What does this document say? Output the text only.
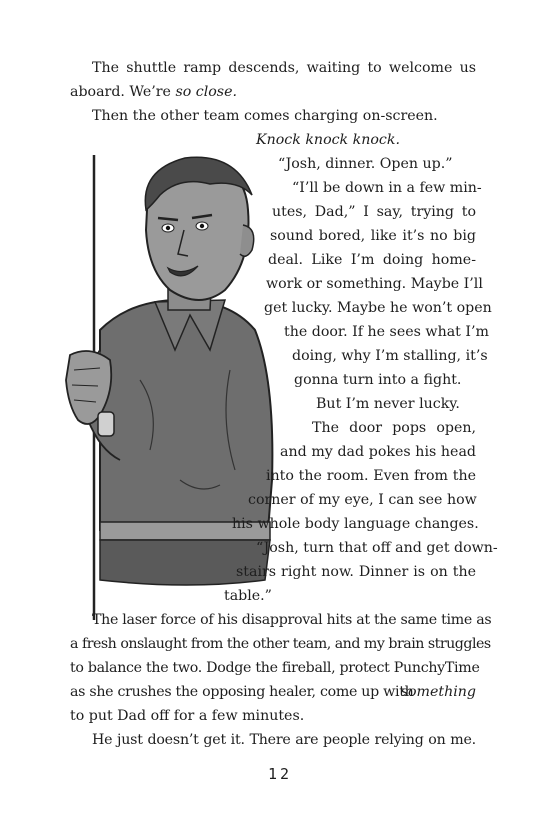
The shuttle ramp descends, waiting to welcome us
aboard. We’re so close.
Then the other team comes charging on-screen.
Knock knock knock.
“Josh, dinner. Open up.”
“I’ll be down in a few min-
utes, Dad,” I say, trying to
sound bored, like it’s no big
deal. Like I’m doing home-
work or something. Maybe I’ll
get lucky. Maybe he won’t open
the door. If he sees what I’m
doing, why I’m stalling, it’s
gonna turn into a fight.
But I’m never lucky.
The door pops open,
and my dad pokes his head
into the room. Even from the
corner of my eye, I can see how
his whole body language changes.
“Josh, turn that off and get down-
stairs right now. Dinner is on the
table.”
The laser force of his disapproval hits at the same time as
a fresh onslaught from the other team, and my brain struggles
to balance the two. Dodge the fireball, protect PunchyTime
as she crushes the opposing healer, come up with
something
to put Dad off for a few minutes.
He just doesn’t get it. There are people relying on me.
12
